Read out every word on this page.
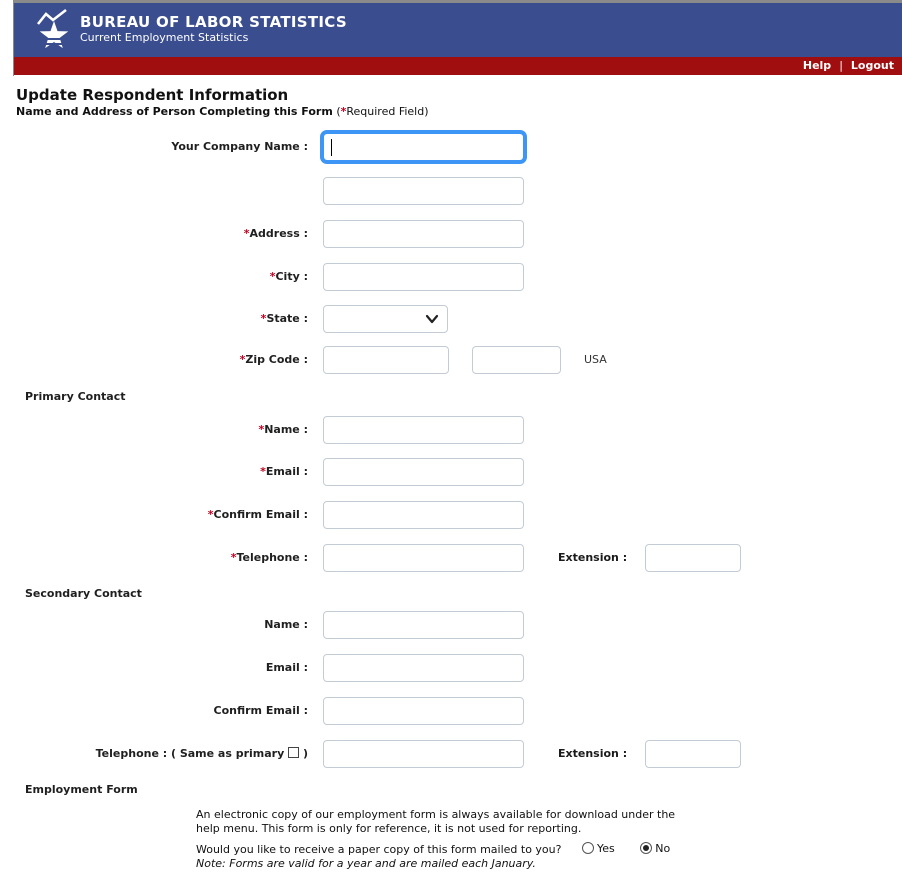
BUREAU OF LABOR STATISTICS
Current Employment Statistics
Help | Logout
Update Respondent Information
Name and Address of Person Completing this Form (*Required Field)
Your Company Name :
*Address :
*City :
*State :
*Zip Code :	USA
Primary Contact
*Name :
*Email :
*Confirm Email :
*Telephone :	Extension :
Secondary Contact
Name :
Email :
Confirm Email :
Telephone : ( Same as primary )	Extension :
Employment Form
An electronic copy of our employment form is always available for download under the help menu. This form is only for reference, it is not used for reporting.
Would you like to receive a paper copy of this form mailed to you?
Note: Forms are valid for a year and are mailed each January.
Yes	No
